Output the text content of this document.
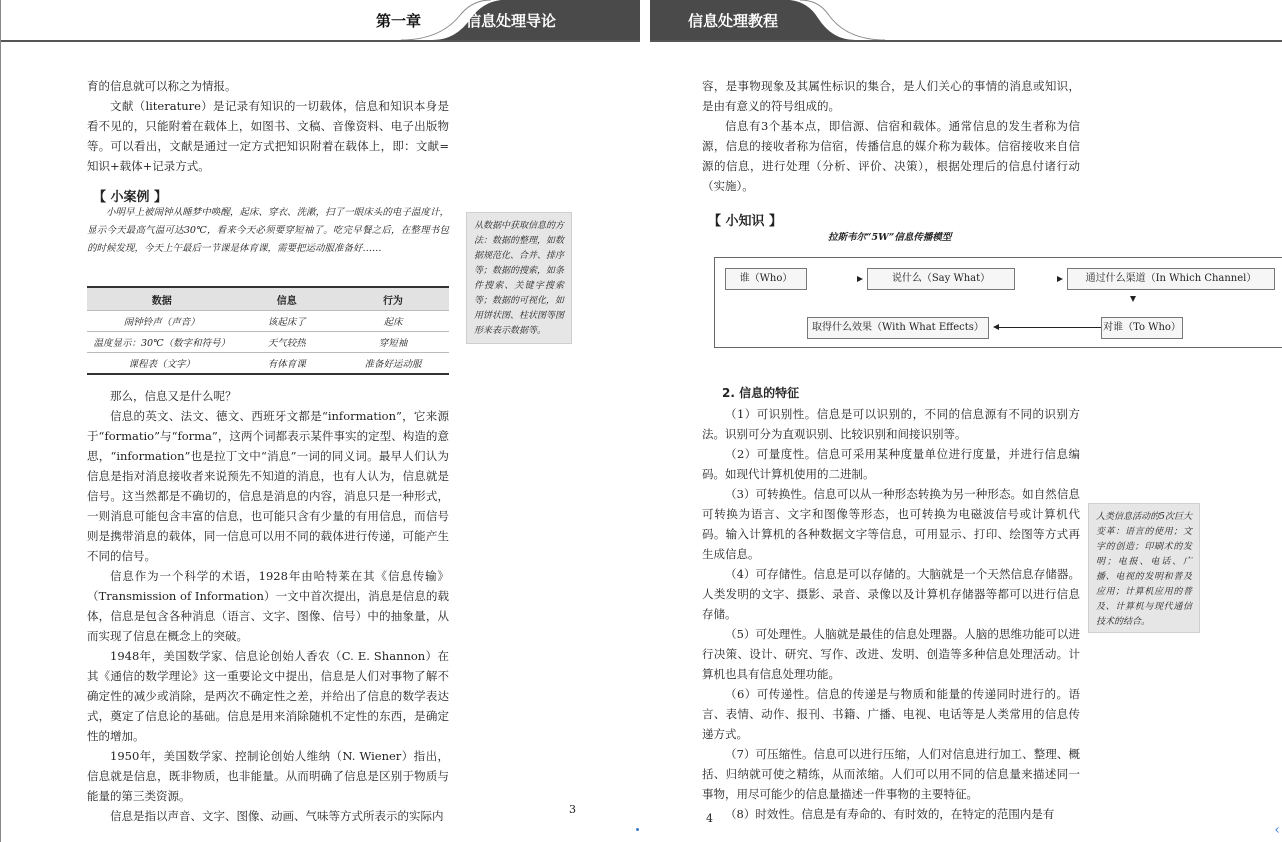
第一章	信息处理导论

育的信息就可以称之为情报。

文献（literature）是记录有知识的一切载体，信息和知识本身是看不见的，只能附着在载体上，如图书、文稿、音像资料、电子出版物等。可以看出，文献是通过一定方式把知识附着在载体上，即：文献=知识+载体+记录方式。

【 小案例 】

小明早上被闹钟从睡梦中唤醒，起床、穿衣、洗漱，扫了一眼床头的电子温度计，显示今天最高气温可达30℃，看来今天必须要穿短袖了。吃完早餐之后，在整理书包的时候发现，今天上午最后一节课是体育课，需要把运动服准备好……

从数据中获取信息的方法：数据的整理，如数据规范化、合并、排序等；数据的搜索，如条件搜索、关键字搜索等；数据的可视化，如用饼状图、柱状图等图形来表示数据等。
数据	信息	行为
闹钟铃声（声音）	该起床了	起床
温度显示：30℃（数字和符号）	天气较热	穿短袖
课程表（文字）	有体育课	准备好运动服

那么，信息又是什么呢？

信息的英文、法文、德文、西班牙文都是“information”，它来源于“formatio”与“forma”，这两个词都表示某件事实的定型、构造的意思，“information”也是拉丁文中“消息”一词的同义词。最早人们认为信息是指对消息接收者来说预先不知道的消息，也有人认为，信息就是信号。这当然都是不确切的，信息是消息的内容，消息只是一种形式，一则消息可能包含丰富的信息，也可能只含有少量的有用信息，而信号则是携带消息的载体，同一信息可以用不同的载体进行传递，可能产生不同的信号。

信息作为一个科学的术语，1928年由哈特莱在其《信息传输》（Transmission of Information）一文中首次提出，消息是信息的载体，信息是包含各种消息（语言、文字、图像、信号）中的抽象量，从而实现了信息在概念上的突破。

1948年，美国数学家、信息论创始人香农（C. E. Shannon）在其《通信的数学理论》这一重要论文中提出，信息是人们对事物了解不确定性的减少或消除，是两次不确定性之差，并给出了信息的数学表达式，奠定了信息论的基础。信息是用来消除随机不定性的东西，是确定性的增加。

1950年，美国数学家、控制论创始人维纳（N. Wiener）指出，信息就是信息，既非物质，也非能量。从而明确了信息是区别于物质与能量的第三类资源。

信息是指以声音、文字、图像、动画、气味等方式所表示的实际内	3
信息处理教程

容，是事物现象及其属性标识的集合，是人们关心的事情的消息或知识，是由有意义的符号组成的。

信息有3个基本点，即信源、信宿和载体。通常信息的发生者称为信源，信息的接收者称为信宿，传播信息的媒介称为载体。信宿接收来自信源的信息，进行处理（分析、评价、决策），根据处理后的信息付诸行动（实施）。

【 小知识 】
拉斯韦尔“5W”信息传播模型
谁（Who）	说什么（Say What）	通过什么渠道（In Which Channel）
对谁（To Who）
取得什么效果（With What Effects）
2. 信息的特征

（1）可识别性。信息是可以识别的，不同的信息源有不同的识别方法。识别可分为直观识别、比较识别和间接识别等。

（2）可量度性。信息可采用某种度量单位进行度量，并进行信息编码。如现代计算机使用的二进制。

（3）可转换性。信息可以从一种形态转换为另一种形态。如自然信息可转换为语言、文字和图像等形态，也可转换为电磁波信号或计算机代码。输入计算机的各种数据文字等信息，可用显示、打印、绘图等方式再生成信息。

（4）可存储性。信息是可以存储的。大脑就是一个天然信息存储器。人类发明的文字、摄影、录音、录像以及计算机存储器等都可以进行信息存储。

（5）可处理性。人脑就是最佳的信息处理器。人脑的思维功能可以进行决策、设计、研究、写作、改进、发明、创造等多种信息处理活动。计算机也具有信息处理功能。

（6）可传递性。信息的传递是与物质和能量的传递同时进行的。语言、表情、动作、报刊、书籍、广播、电视、电话等是人类常用的信息传递方式。

（7）可压缩性。信息可以进行压缩，人们对信息进行加工、整理、概括、归纳就可使之精练，从而浓缩。人们可以用不同的信息量来描述同一事物，用尽可能少的信息量描述一件事物的主要特征。

（8）时效性。信息是有寿命的、有时效的，在特定的范围内是有

人类信息活动的5次巨大变革：语言的使用；文字的创造；印刷术的发明；电报、电话、广播、电视的发明和普及应用；计算机应用的普及、计算机与现代通信技术的结合。
4
‹
